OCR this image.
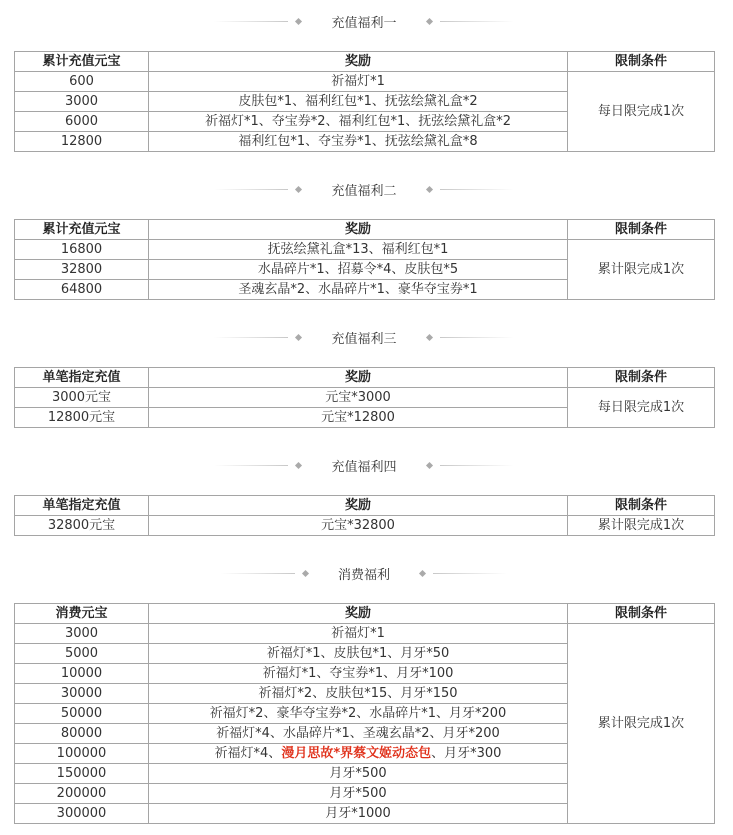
充值福利一
累计充值元宝	奖励	限制条件
600	祈福灯*1	每日限完成1次
3000	皮肤包*1、福利红包*1、抚弦绘黛礼盒*2	
6000	祈福灯*1、夺宝券*2、福利红包*1、抚弦绘黛礼盒*2	
12800	福利红包*1、夺宝券*1、抚弦绘黛礼盒*8	
充值福利二
累计充值元宝	奖励	限制条件
16800	抚弦绘黛礼盒*13、福利红包*1	累计限完成1次
32800	水晶碎片*1、招募令*4、皮肤包*5	
64800	圣魂玄晶*2、水晶碎片*1、豪华夺宝券*1	
充值福利三
单笔指定充值	奖励	限制条件
3000元宝	元宝*3000	每日限完成1次
12800元宝	元宝*12800	
充值福利四
单笔指定充值	奖励	限制条件
32800元宝	元宝*32800	累计限完成1次
消费福利
消费元宝	奖励	限制条件
3000	祈福灯*1	累计限完成1次
5000	祈福灯*1、皮肤包*1、月牙*50	
10000	祈福灯*1、夺宝券*1、月牙*100	
30000	祈福灯*2、皮肤包*15、月牙*150	
50000	祈福灯*2、豪华夺宝券*2、水晶碎片*1、月牙*200	
80000	祈福灯*4、水晶碎片*1、圣魂玄晶*2、月牙*200	
100000	祈福灯*4、漫月思故*界蔡文姬动态包、月牙*300	
150000	月牙*500	
200000	月牙*500	
300000	月牙*1000	
